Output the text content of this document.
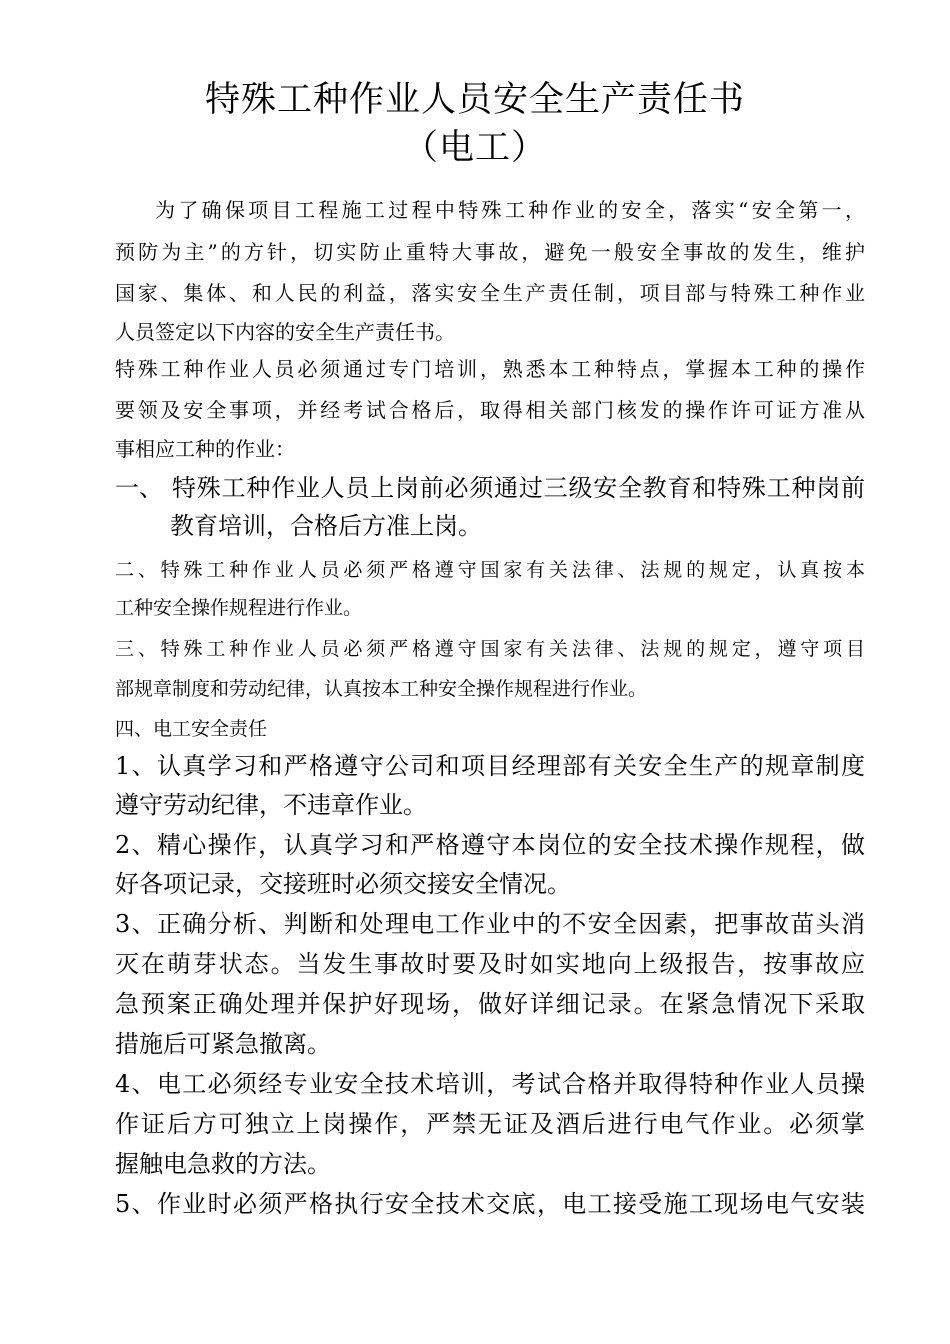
特殊工种作业人员安全生产责任书
（电工）
为了确保项目工程施工过程中特殊工种作业的安全，落实“安全第一，
预防为主”的方针，切实防止重特大事故，避免一般安全事故的发生，维护
国家、集体、和人民的利益，落实安全生产责任制，项目部与特殊工种作业
人员签定以下内容的安全生产责任书。
特殊工种作业人员必须通过专门培训，熟悉本工种特点，掌握本工种的操作
要领及安全事项，并经考试合格后，取得相关部门核发的操作许可证方准从
事相应工种的作业：
一、 特殊工种作业人员上岗前必须通过三级安全教育和特殊工种岗前
教育培训，合格后方准上岗。
二、特殊工种作业人员必须严格遵守国家有关法律、法规的规定，认真按本
工种安全操作规程进行作业。
三、特殊工种作业人员必须严格遵守国家有关法律、法规的规定，遵守项目
部规章制度和劳动纪律，认真按本工种安全操作规程进行作业。
四、电工安全责任
1、认真学习和严格遵守公司和项目经理部有关安全生产的规章制度
遵守劳动纪律，不违章作业。
2、精心操作，认真学习和严格遵守本岗位的安全技术操作规程，做
好各项记录，交接班时必须交接安全情况。
3、正确分析、判断和处理电工作业中的不安全因素，把事故苗头消
灭在萌芽状态。当发生事故时要及时如实地向上级报告，按事故应
急预案正确处理并保护好现场，做好详细记录。在紧急情况下采取
措施后可紧急撤离。
4、电工必须经专业安全技术培训，考试合格并取得特种作业人员操
作证后方可独立上岗操作，严禁无证及酒后进行电气作业。必须掌
握触电急救的方法。
5、作业时必须严格执行安全技术交底，电工接受施工现场电气安装
